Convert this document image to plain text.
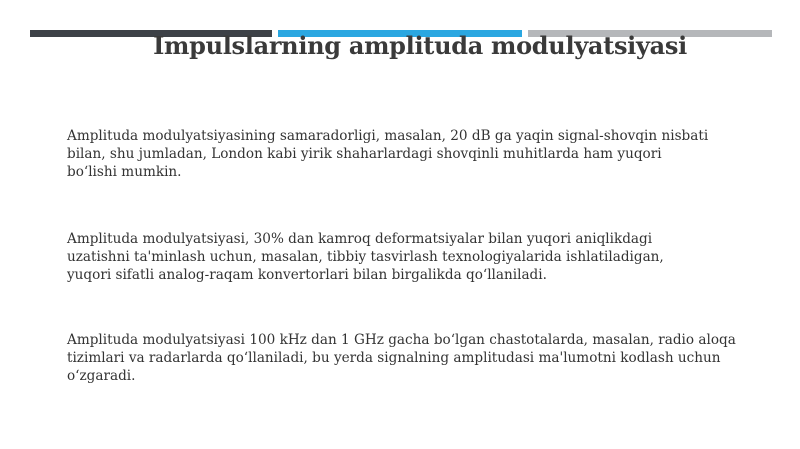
Impulslarning amplituda modulyatsiyasi

Amplituda modulyatsiyasining samaradorligi, masalan, 20 dB ga yaqin signal-shovqin nisbati
bilan, shu jumladan, London kabi yirik shaharlardagi shovqinli muhitlarda ham yuqori
bo‘lishi mumkin.

Amplituda modulyatsiyasi, 30% dan kamroq deformatsiyalar bilan yuqori aniqlikdagi
uzatishni ta'minlash uchun, masalan, tibbiy tasvirlash texnologiyalarida ishlatiladigan,
yuqori sifatli analog-raqam konvertorlari bilan birgalikda qo‘llaniladi.

Amplituda modulyatsiyasi 100 kHz dan 1 GHz gacha bo‘lgan chastotalarda, masalan, radio aloqa
tizimlari va radarlarda qo‘llaniladi, bu yerda signalning amplitudasi ma'lumotni kodlash uchun
o‘zgaradi.
